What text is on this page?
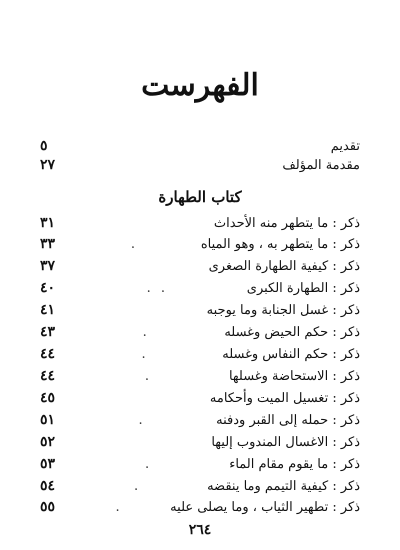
الفهرست
تقديم
٥
مقدمة المؤلف
٢٧
كتاب الطهارة
ذكر : ما يتطهر منه الأحداث
٣١
ذكر : ما يتطهر به ، وهو المياه
.
٣٣
ذكر : كيفية الطهارة الصغرى
٣٧
ذكر : الطهارة الكبرى
. .
٤٠
ذكر : غسل الجنابة وما يوجبه
٤١
ذكر : حكم الحيض وغسله
.
٤٣
ذكر : حكم النفاس وغسله
.
٤٤
ذكر : الاستحاضة وغسلها
.
٤٤
ذكر : تغسيل الميت وأحكامه
٤٥
ذكر : حمله إلى القبر ودفنه
.
٥١
ذكر : الاغسال المندوب إليها
٥٢
ذكر : ما يقوم مقام الماء
.
٥٣
ذكر : كيفية التيمم وما ينقضه
.
٥٤
ذكر : تطهير الثياب ، وما يصلى عليه
.
٥٥
٢٦٤
